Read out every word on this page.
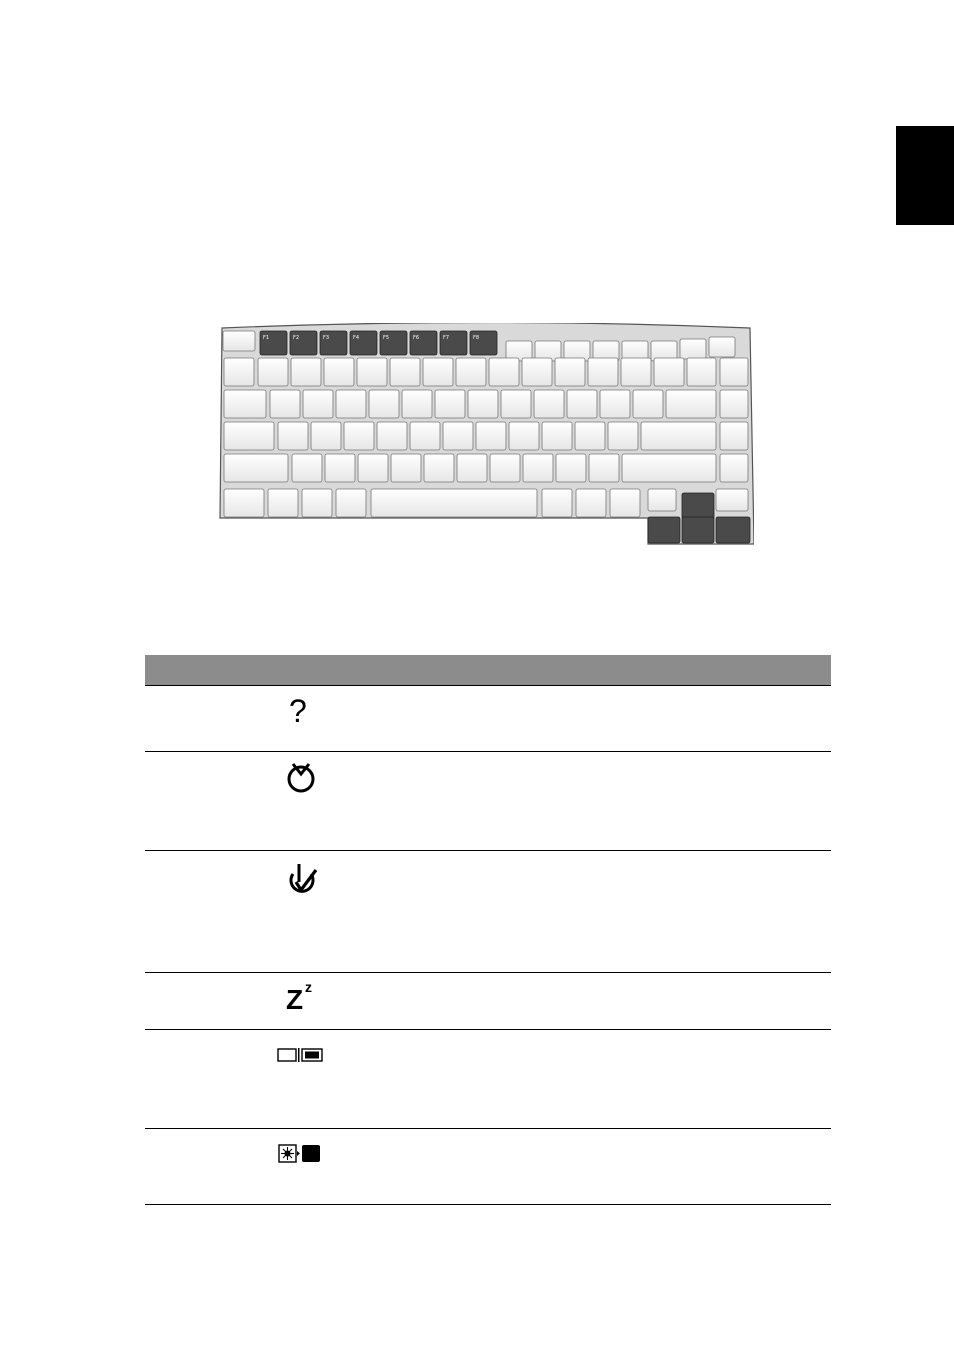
F1	F2	F3	F4	F5	F6	F7	F8
?
Z z
